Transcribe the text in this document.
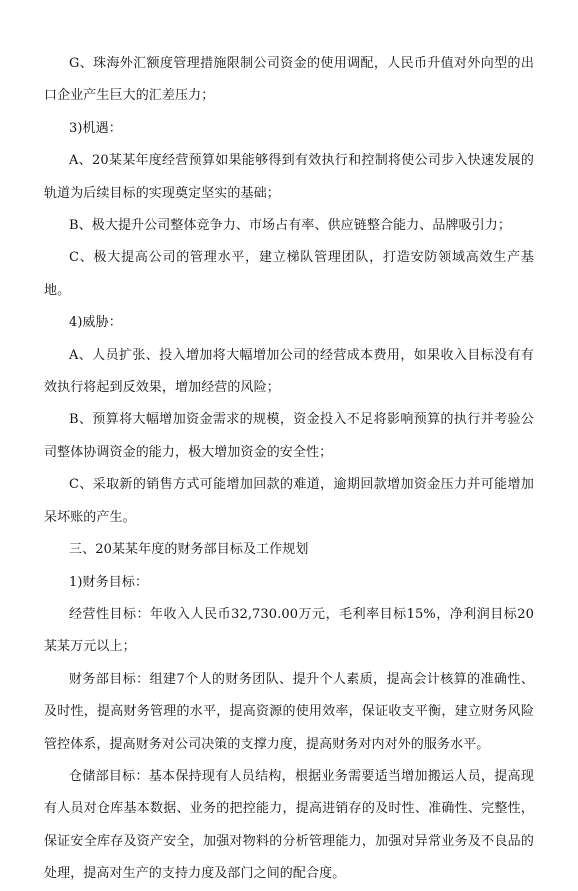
G、珠海外汇额度管理措施限制公司资金的使用调配，人民币升值对外向型的出口企业产生巨大的汇差压力；

3)机遇：

A、20某某年度经营预算如果能够得到有效执行和控制将使公司步入快速发展的轨道为后续目标的实现奠定坚实的基础；

B、极大提升公司整体竞争力、市场占有率、供应链整合能力、品牌吸引力；

C、极大提高公司的管理水平，建立梯队管理团队，打造安防领域高效生产基地。

4)威胁：

A、人员扩张、投入增加将大幅增加公司的经营成本费用，如果收入目标没有有效执行将起到反效果，增加经营的风险；

B、预算将大幅增加资金需求的规模，资金投入不足将影响预算的执行并考验公司整体协调资金的能力，极大增加资金的安全性；

C、采取新的销售方式可能增加回款的难道，逾期回款增加资金压力并可能增加呆坏账的产生。

三、20某某年度的财务部目标及工作规划

1)财务目标：

经营性目标：年收入人民币32,730.00万元，毛利率目标15%，净利润目标20某某万元以上；

财务部目标：组建7个人的财务团队、提升个人素质，提高会计核算的准确性、及时性，提高财务管理的水平，提高资源的使用效率，保证收支平衡，建立财务风险管控体系，提高财务对公司决策的支撑力度，提高财务对内对外的服务水平。

仓储部目标：基本保持现有人员结构，根据业务需要适当增加搬运人员，提高现有人员对仓库基本数据、业务的把控能力，提高进销存的及时性、准确性、完整性，保证安全库存及资产安全，加强对物料的分析管理能力，加强对异常业务及不良品的处理，提高对生产的支持力度及部门之间的配合度。
